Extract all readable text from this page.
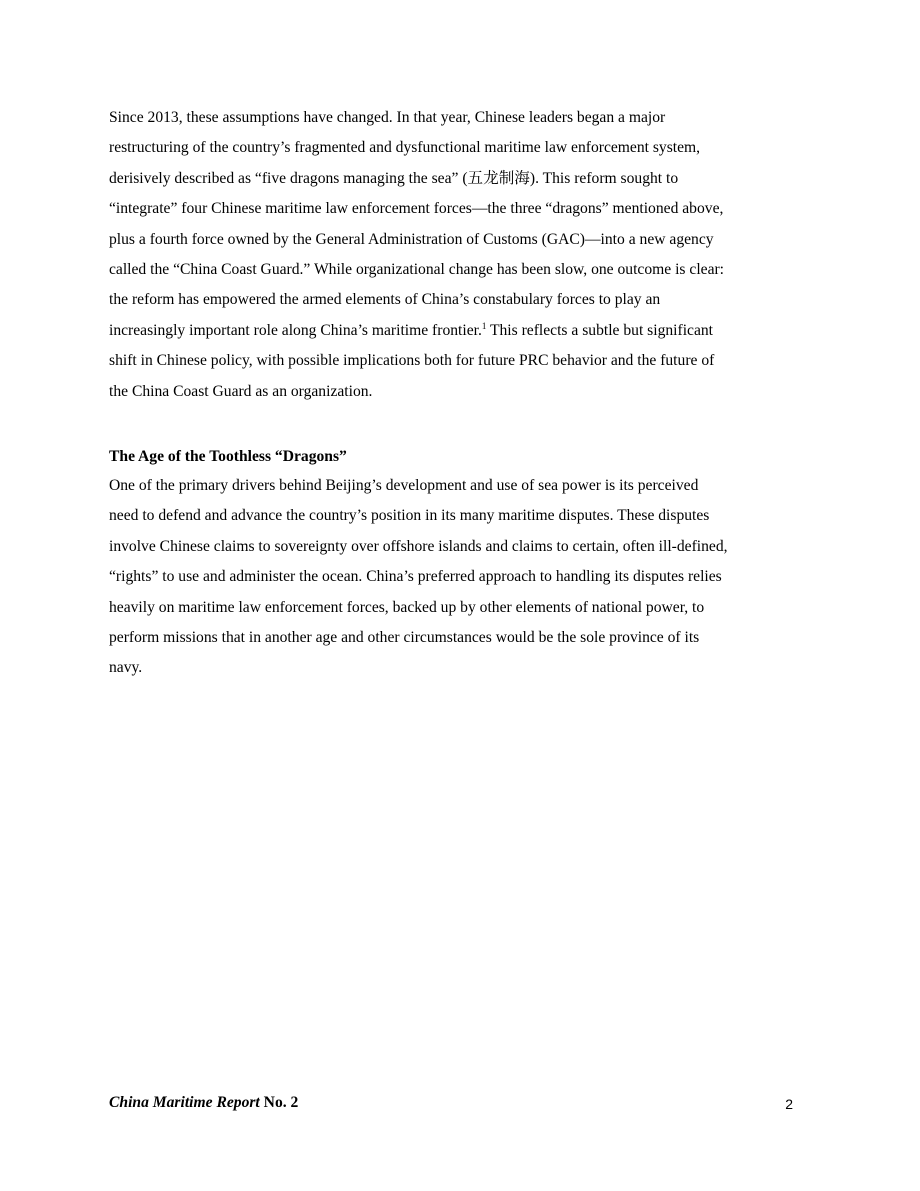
Since 2013, these assumptions have changed. In that year, Chinese leaders began a major
restructuring of the country’s fragmented and dysfunctional maritime law enforcement system,
derisively described as “five dragons managing the sea” (五龙制海). This reform sought to
“integrate” four Chinese maritime law enforcement forces—the three “dragons” mentioned above,
plus a fourth force owned by the General Administration of Customs (GAC)—into a new agency
called the “China Coast Guard.” While organizational change has been slow, one outcome is clear:
the reform has empowered the armed elements of China’s constabulary forces to play an
increasingly important role along China’s maritime frontier.$^1$ This reflects a subtle but significant
shift in Chinese policy, with possible implications both for future PRC behavior and the future of
the China Coast Guard as an organization.
The Age of the Toothless “Dragons”
One of the primary drivers behind Beijing’s development and use of sea power is its perceived
need to defend and advance the country’s position in its many maritime disputes. These disputes
involve Chinese claims to sovereignty over offshore islands and claims to certain, often ill-defined,
“rights” to use and administer the ocean. China’s preferred approach to handling its disputes relies
heavily on maritime law enforcement forces, backed up by other elements of national power, to
perform missions that in another age and other circumstances would be the sole province of its
navy.
China Maritime Report No. 2	2
